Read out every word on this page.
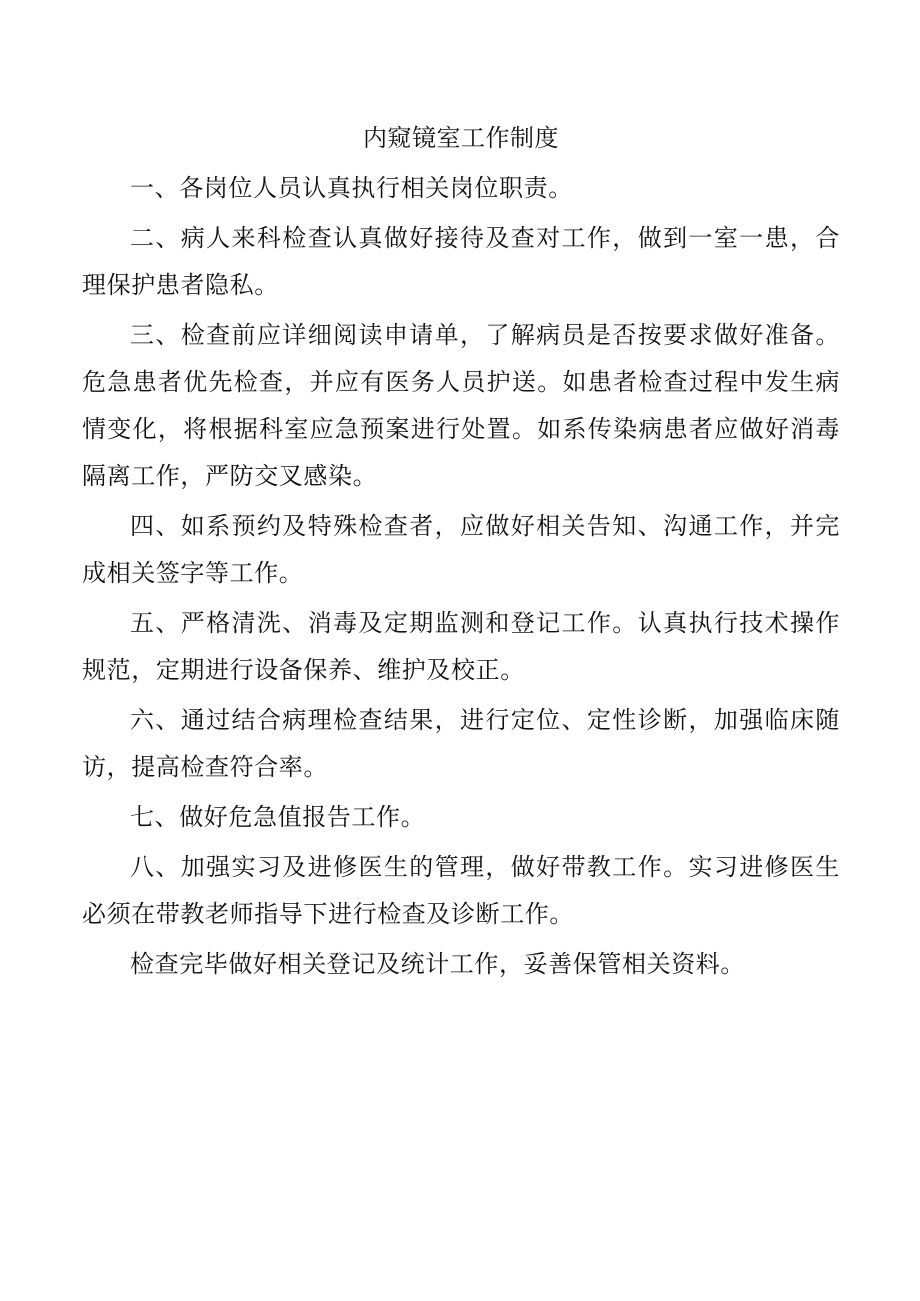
内窥镜室工作制度

一、各岗位人员认真执行相关岗位职责。

二、病人来科检查认真做好接待及查对工作，做到一室一患，合理保护患者隐私。

三、检查前应详细阅读申请单，了解病员是否按要求做好准备。危急患者优先检查，并应有医务人员护送。如患者检查过程中发生病情变化，将根据科室应急预案进行处置。如系传染病患者应做好消毒隔离工作，严防交叉感染。

四、如系预约及特殊检查者，应做好相关告知、沟通工作，并完成相关签字等工作。

五、严格清洗、消毒及定期监测和登记工作。认真执行技术操作规范，定期进行设备保养、维护及校正。

六、通过结合病理检查结果，进行定位、定性诊断，加强临床随访，提高检查符合率。

七、做好危急值报告工作。

八、加强实习及进修医生的管理，做好带教工作。实习进修医生必须在带教老师指导下进行检查及诊断工作。

检查完毕做好相关登记及统计工作，妥善保管相关资料。
